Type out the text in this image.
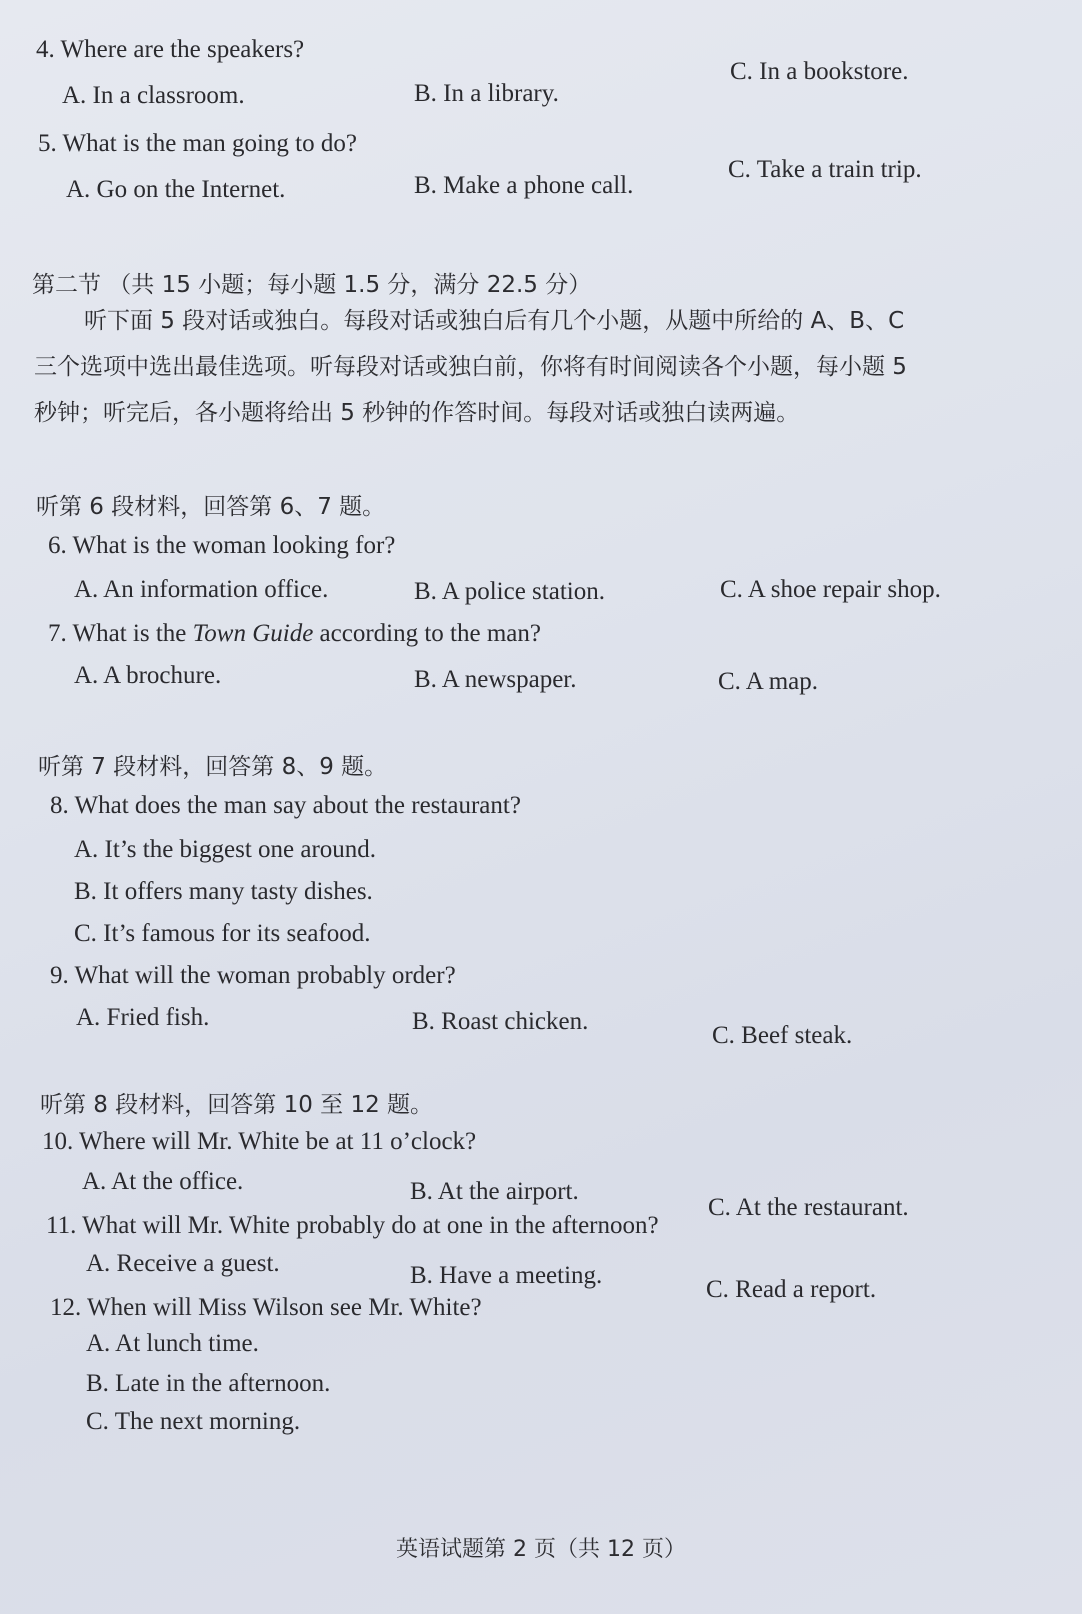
4. Where are the speakers?
A. In a classroom.	B. In a library.
C. In a bookstore.
5. What is the man going to do?
A. Go on the Internet.	B. Make a phone call.
C. Take a train trip.
第二节 （共 15 小题；每小题 1.5 分，满分 22.5 分）
听下面 5 段对话或独白。每段对话或独白后有几个小题，从题中所给的 A、B、C
三个选项中选出最佳选项。听每段对话或独白前，你将有时间阅读各个小题，每小题 5
秒钟；听完后，各小题将给出 5 秒钟的作答时间。每段对话或独白读两遍。
听第 6 段材料，回答第 6、7 题。
6. What is the woman looking for?
A. An information office.	B. A police station.	C. A shoe repair shop.
7. What is the Town Guide according to the man?
A. A brochure.	B. A newspaper.	C. A map.
听第 7 段材料，回答第 8、9 题。
8. What does the man say about the restaurant?
A. It’s the biggest one around.
B. It offers many tasty dishes.
C. It’s famous for its seafood.
9. What will the woman probably order?
A. Fried fish.	B. Roast chicken.
C. Beef steak.
听第 8 段材料，回答第 10 至 12 题。
10. Where will Mr. White be at 11 o’clock?
A. At the office.	B. At the airport.
C. At the restaurant.
11. What will Mr. White probably do at one in the afternoon?
A. Receive a guest.	B. Have a meeting.
C. Read a report.
12. When will Miss Wilson see Mr. White?
A. At lunch time.
B. Late in the afternoon.
C. The next morning.
英语试题第 2 页（共 12 页）
